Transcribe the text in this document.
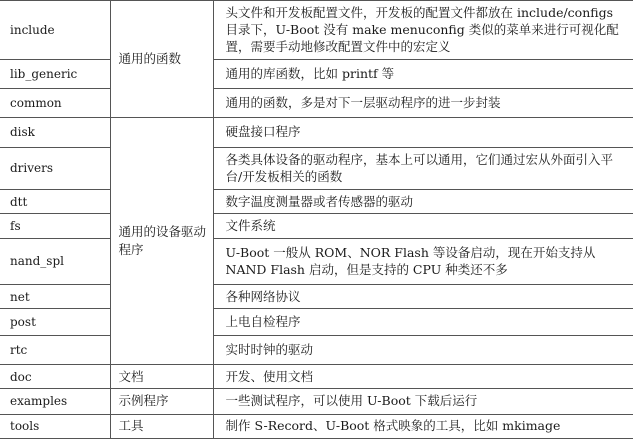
include	通用的函数	头文件和开发板配置文件，开发板的配置文件都放在 include/configs 目录下，U-Boot 没有 make menuconfig 类似的菜单来进行可视化配置，需要手动地修改配置文件中的宏定义
lib_generic		通用的库函数，比如 printf 等
common		通用的函数，多是对下一层驱动程序的进一步封装
disk	通用的设备驱动程序	硬盘接口程序
drivers		各类具体设备的驱动程序，基本上可以通用，它们通过宏从外面引入平台/开发板相关的函数
dtt		数字温度测量器或者传感器的驱动
fs		文件系统
nand_spl		U-Boot 一般从 ROM、NOR Flash 等设备启动，现在开始支持从 NAND Flash 启动，但是支持的 CPU 种类还不多
net		各种网络协议
post		上电自检程序
rtc		实时时钟的驱动
doc	文档	开发、使用文档
examples	示例程序	一些测试程序，可以使用 U-Boot 下载后运行
tools	工具	制作 S-Record、U-Boot 格式映象的工具，比如 mkimage
